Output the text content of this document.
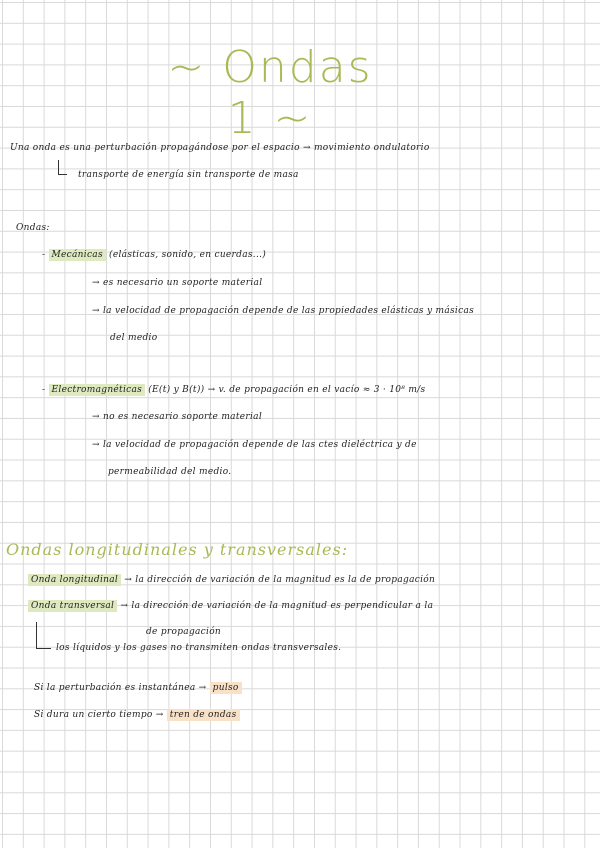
~ Ondas 1 ~
Una onda es una perturbación propagándose por el espacio → movimiento ondulatorio
transporte de energía sin transporte de masa
Ondas:
- Mecánicas (elásticas, sonido, en cuerdas...)
→ es necesario un soporte material
→ la velocidad de propagación depende de las propiedades elásticas y másicas
del medio
- Electromagnéticas (E(t) y B(t)) → v. de propagación en el vacío ≈ 3 · 10⁸ m/s
→ no es necesario soporte material
→ la velocidad de propagación depende de las ctes dieléctrica y de
permeabilidad del medio.
Ondas longitudinales y transversales:
Onda longitudinal → la dirección de variación de la magnitud es la de propagación
Onda transversal → la dirección de variación de la magnitud es perpendicular a la
de propagación
los líquidos y los gases no transmiten ondas transversales.
Si la perturbación es instantánea → pulso
Si dura un cierto tiempo → tren de ondas
